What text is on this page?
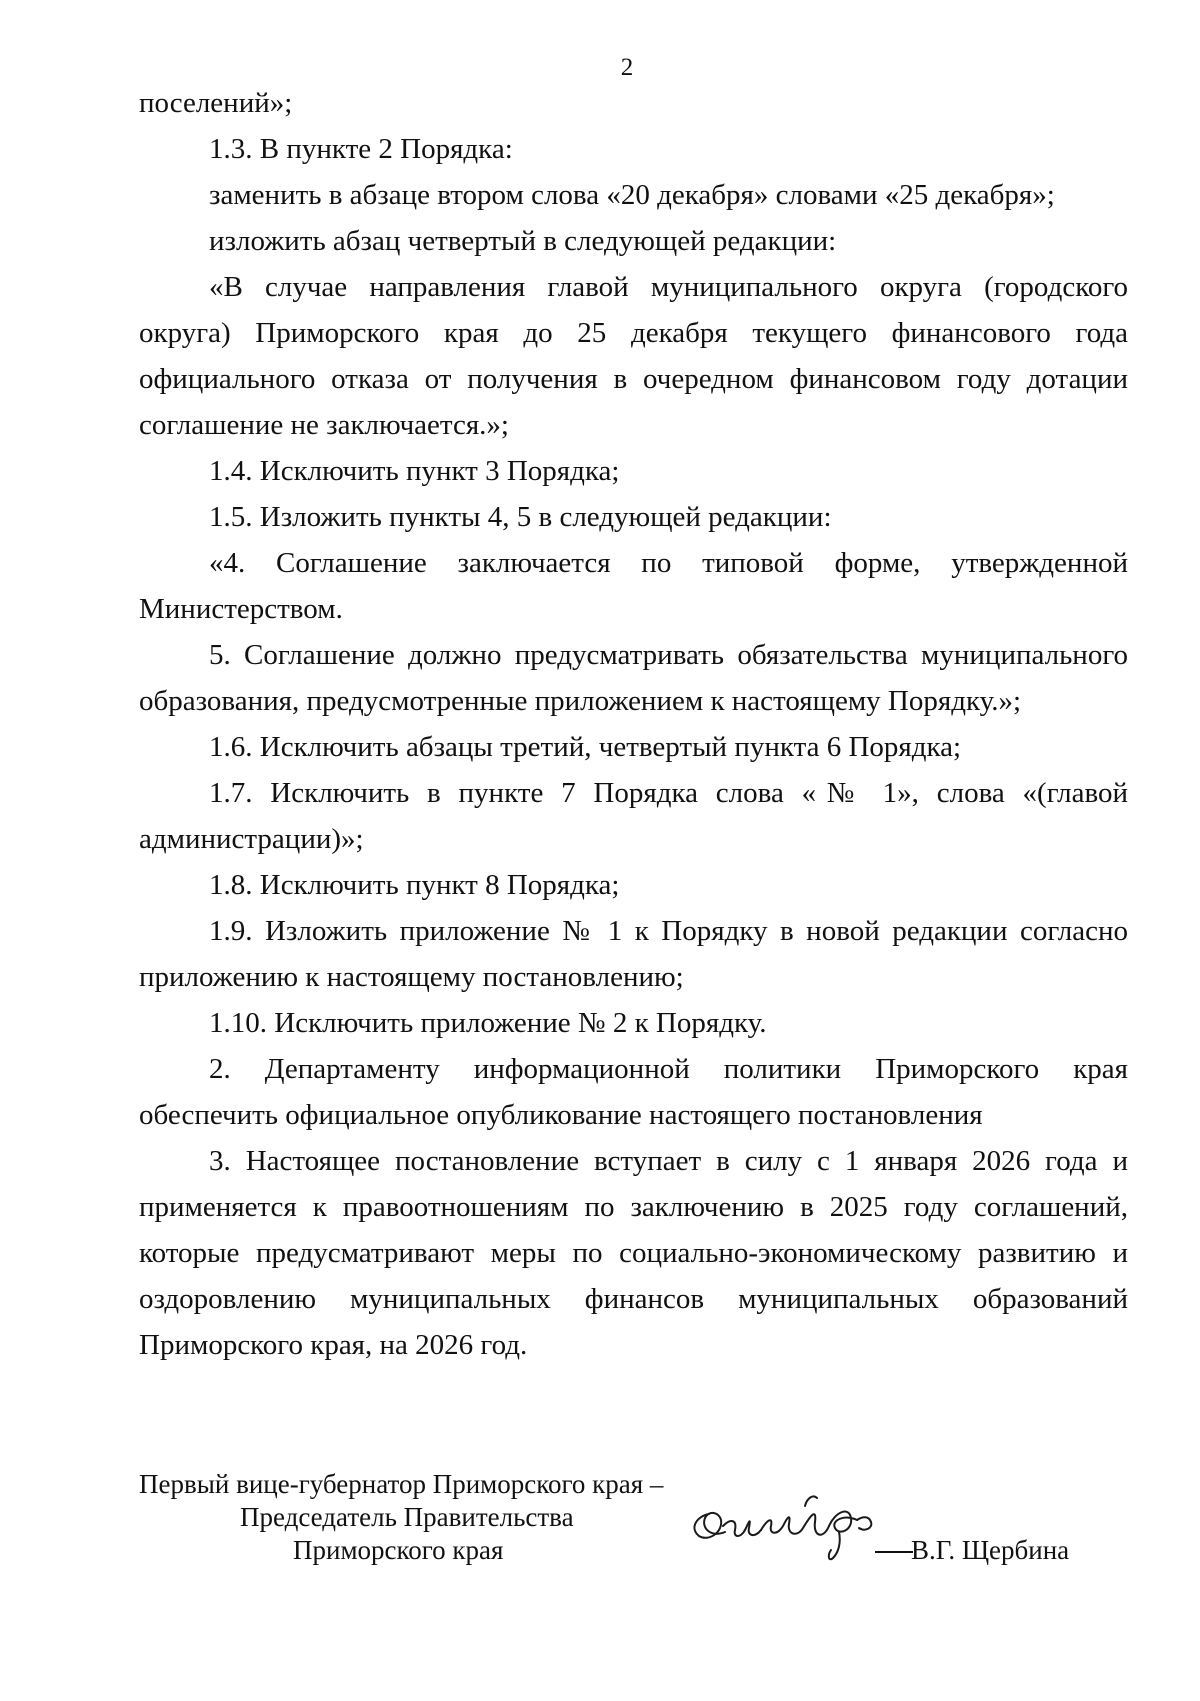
2

поселений»;

1.3. В пункте 2 Порядка:

заменить в абзаце втором слова «20 декабря» словами «25 декабря»;

изложить абзац четвертый в следующей редакции:

«В случае направления главой муниципального округа (городского округа) Приморского края до 25 декабря текущего финансового года официального отказа от получения в очередном финансовом году дотации соглашение не заключается.»;

1.4. Исключить пункт 3 Порядка;

1.5. Изложить пункты 4, 5 в следующей редакции:

«4. Соглашение заключается по типовой форме, утвержденной Министерством.

5. Соглашение должно предусматривать обязательства муниципального образования, предусмотренные приложением к настоящему Порядку.»;

1.6. Исключить абзацы третий, четвертый пункта 6 Порядка;

1.7. Исключить в пункте 7 Порядка слова «№ 1», слова «(главой администрации)»;

1.8. Исключить пункт 8 Порядка;

1.9. Изложить приложение № 1 к Порядку в новой редакции согласно приложению к настоящему постановлению;

1.10. Исключить приложение № 2 к Порядку.

2. Департаменту информационной политики Приморского края обеспечить официальное опубликование настоящего постановления

3. Настоящее постановление вступает в силу с 1 января 2026 года и применяется к правоотношениям по заключению в 2025 году соглашений, которые предусматривают меры по социально-экономическому развитию и оздоровлению муниципальных финансов муниципальных образований Приморского края, на 2026 год.

Первый вице-губернатор Приморского края –
Председатель Правительства
Приморского края	В.Г. Щербина
